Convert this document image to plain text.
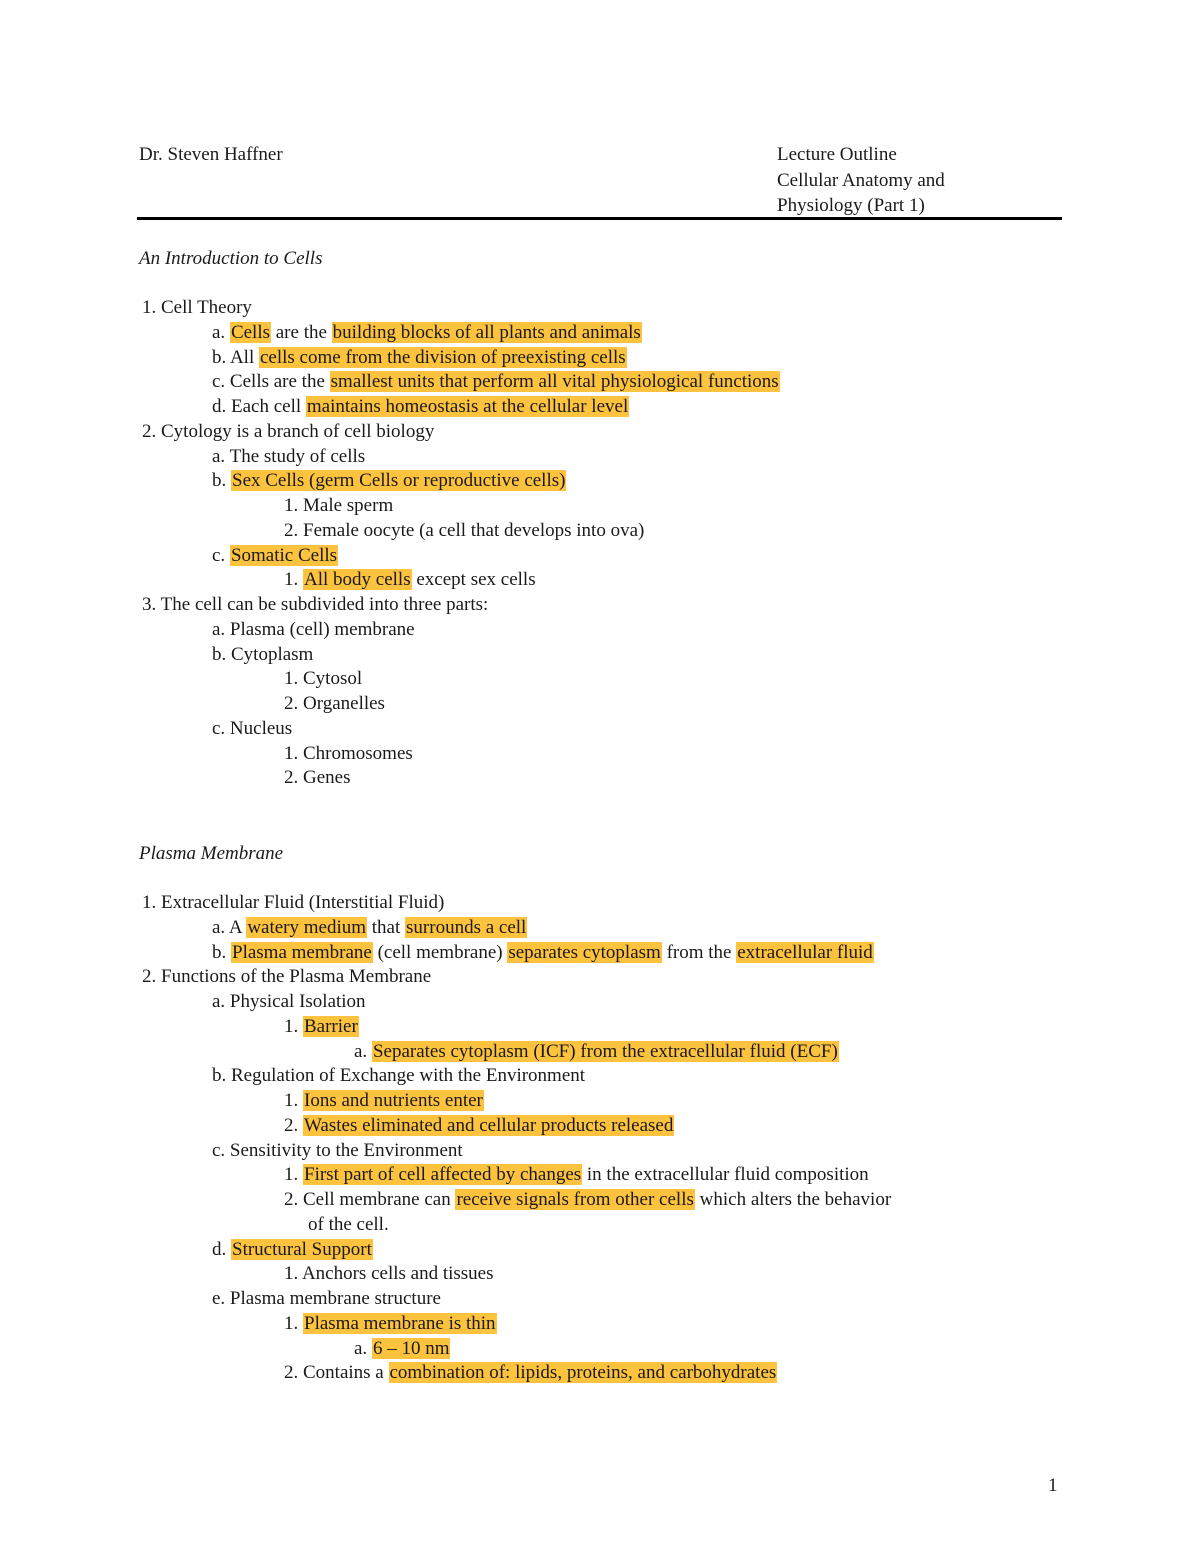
Dr. Steven Haffner	Lecture Outline
Cellular Anatomy and
Physiology (Part 1)
An Introduction to Cells
1. Cell Theory
a. Cells are the building blocks of all plants and animals
b. All cells come from the division of preexisting cells
c. Cells are the smallest units that perform all vital physiological functions
d. Each cell maintains homeostasis at the cellular level
2. Cytology is a branch of cell biology
a. The study of cells
b. Sex Cells (germ Cells or reproductive cells)
1. Male sperm
2. Female oocyte (a cell that develops into ova)
c. Somatic Cells
1. All body cells except sex cells
3. The cell can be subdivided into three parts:
a. Plasma (cell) membrane
b. Cytoplasm
1. Cytosol
2. Organelles
c. Nucleus
1. Chromosomes
2. Genes
Plasma Membrane
1. Extracellular Fluid (Interstitial Fluid)
a. A watery medium that surrounds a cell
b. Plasma membrane (cell membrane) separates cytoplasm from the extracellular fluid
2. Functions of the Plasma Membrane
a. Physical Isolation
1. Barrier
a. Separates cytoplasm (ICF) from the extracellular fluid (ECF)
b. Regulation of Exchange with the Environment
1. Ions and nutrients enter
2. Wastes eliminated and cellular products released
c. Sensitivity to the Environment
1. First part of cell affected by changes in the extracellular fluid composition
2. Cell membrane can receive signals from other cells which alters the behavior
of the cell.
d. Structural Support
1. Anchors cells and tissues
e. Plasma membrane structure
1. Plasma membrane is thin
a. 6 – 10 nm
2. Contains a combination of: lipids, proteins, and carbohydrates
1
